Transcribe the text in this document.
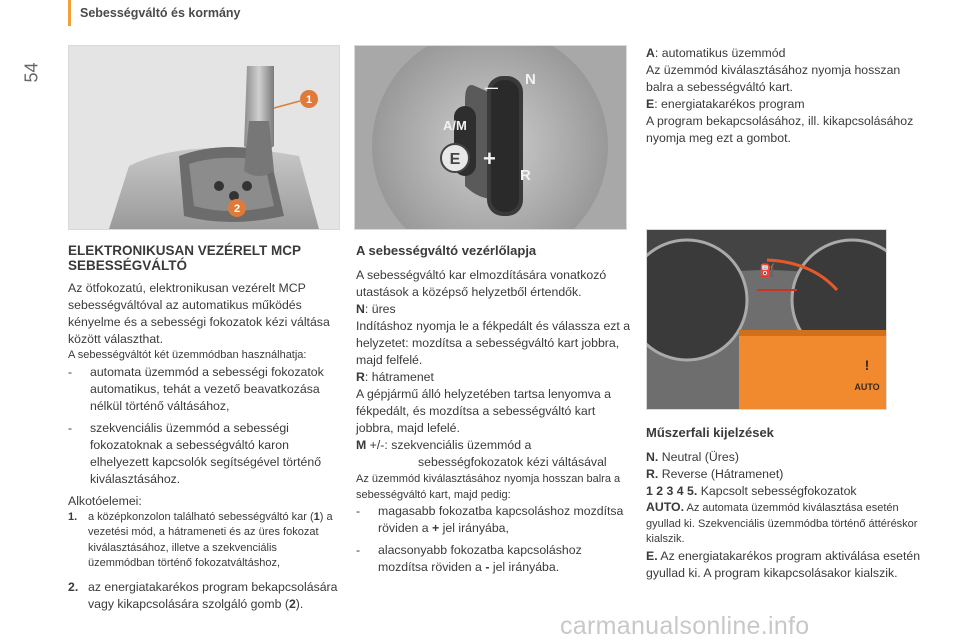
Sebességváltó és kormány
54
1
2
N
—
A/M
+
R
E
⛽
!
AUTO
ELEKTRONIKUSAN VEZÉRELT MCP
SEBESSÉGVÁLTÓ

Az ötfokozatú, elektronikusan vezérelt MCP sebességváltóval az automatikus működés kényelme és a sebességi fokozatok kézi váltása között választhat.

A sebességváltót két üzemmódban használhatja:

- automata üzemmód a sebességi fokozatok automatikus, tehát a vezető beavatkozása nélkül történő váltásához,
- szekvenciális üzemmód a sebességi fokozatoknak a sebességváltó karon elhelyezett kapcsolók segítségével történő kiválasztásához.

Alkotóelemei:

1. a középkonzolon található sebességváltó kar (1) a vezetési mód, a hátrameneti és az üres fokozat kiválasztásához, illetve a szekvenciális üzemmódban történő fokozatváltáshoz,
2. az energiatakarékos program bekapcsolására vagy kikapcsolására szolgáló gomb (2).
A sebességváltó vezérlőlapja

A sebességváltó kar elmozdítására vonatkozó utastások a középső helyzetből értendők.

N: üres

Indításhoz nyomja le a fékpedált és válassza ezt a helyzetet: mozdítsa a sebességváltó kart jobbra, majd felfelé.

R: hátramenet

A gépjármű álló helyzetében tartsa lenyomva a fékpedált, és mozdítsa a sebességváltó kart jobbra, majd lefelé.

M +/-: szekvenciális üzemmód a

sebességfokozatok kézi váltásával

Az üzemmód kiválasztásához nyomja hosszan balra a sebességváltó kart, majd pedig:

- magasabb fokozatba kapcsoláshoz mozdítsa röviden a + jel irányába,
- alacsonyabb fokozatba kapcsoláshoz mozdítsa röviden a - jel irányába.

A: automatikus üzemmód

Az üzemmód kiválasztásához nyomja hosszan balra a sebességváltó kart.

E: energiatakarékos program

A program bekapcsolásához, ill. kikapcsolásához nyomja meg ezt a gombot.

Műszerfali kijelzések

N. Neutral (Üres)

R. Reverse (Hátramenet)

1 2 3 4 5. Kapcsolt sebességfokozatok

AUTO. Az automata üzemmód kiválasztása esetén gyullad ki. Szekvenciális üzemmódba történő áttéréskor kialszik.

E. Az energiatakarékos program aktiválása esetén gyullad ki. A program kikapcsolásakor kialszik.

carmanualsonline.info
